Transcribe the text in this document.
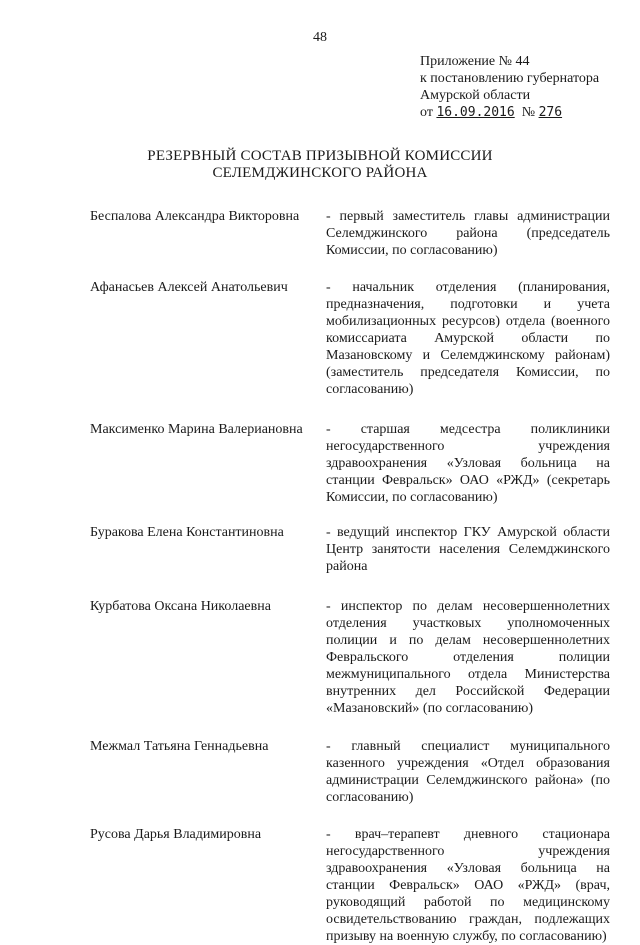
48
Приложение № 44
к постановлению губернатора
Амурской области
от 16.09.2016 № 276
РЕЗЕРВНЫЙ СОСТАВ ПРИЗЫВНОЙ КОМИССИИ
СЕЛЕМДЖИНСКОГО РАЙОНА
Беспалова Александра Викторовна	- первый заместитель главы администрации Селемджинского района (председатель Комиссии, по согласованию)
Афанасьев Алексей Анатольевич	- начальник отделения (планирования, предназначения, подготовки и учета мобилизационных ресурсов) отдела (военного комиссариата Амурской области по Мазановскому и Селемджинскому районам) (заместитель председателя Комиссии, по согласованию)
Максименко Марина Валериановна	- старшая медсестра поликлиники негосударственного учреждения здравоохранения «Узловая больница на станции Февральск» ОАО «РЖД» (секретарь Комиссии, по согласованию)
Буракова Елена Константиновна	- ведущий инспектор ГКУ Амурской области Центр занятости населения Селемджинского района
Курбатова Оксана Николаевна	- инспектор по делам несовершеннолетних отделения участковых уполномоченных полиции и по делам несовершеннолетних Февральского отделения полиции межмуниципального отдела Министерства внутренних дел Российской Федерации «Мазановский» (по согласованию)
Межмал Татьяна Геннадьевна	- главный специалист муниципального казенного учреждения «Отдел образования администрации Селемджинского района» (по согласованию)
Русова Дарья Владимировна	- врач–терапевт дневного стационара негосударственного учреждения здравоохранения «Узловая больница на станции Февральск» ОАО «РЖД» (врач, руководящий работой по медицинскому освидетельствованию граждан, подлежащих призыву на военную службу, по согласованию)
